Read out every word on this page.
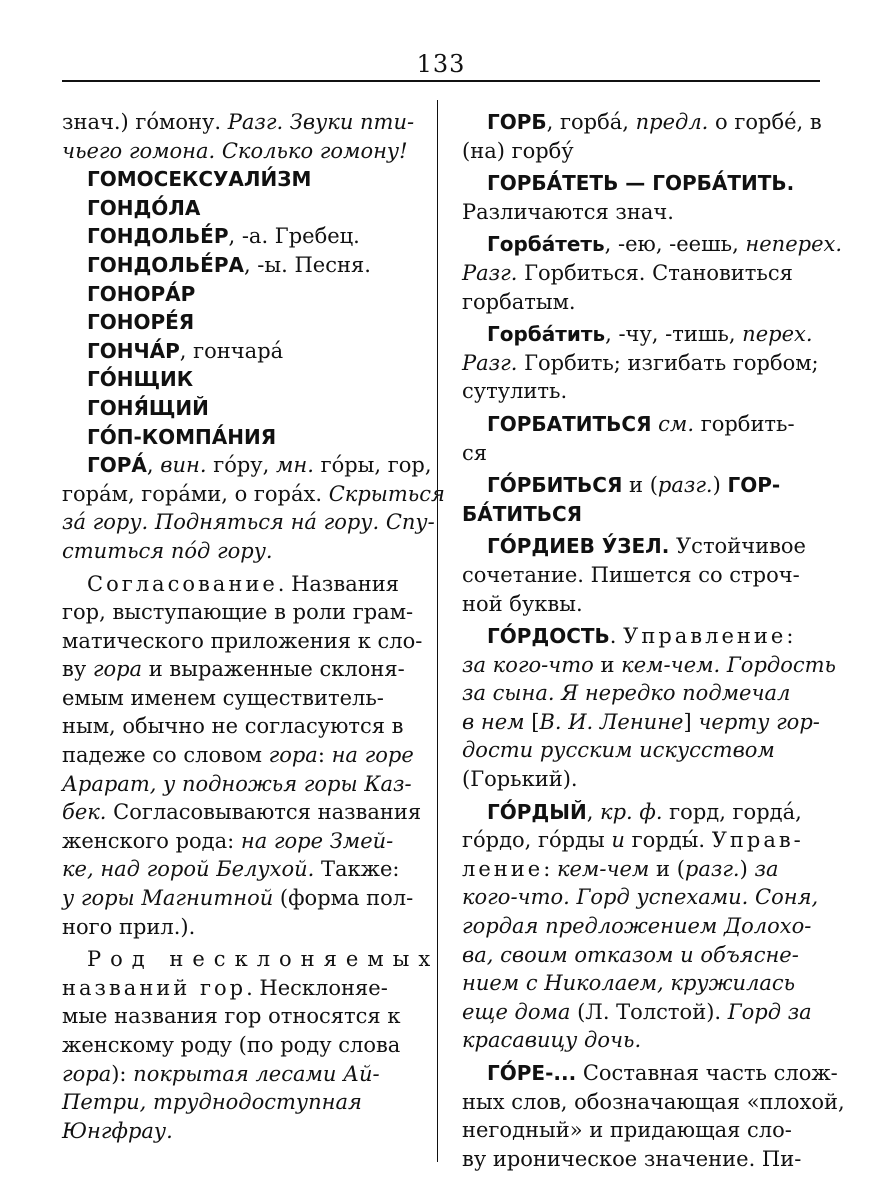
133
знач.) го́мону. Разг. Звуки пти-
чьего гомона. Сколько гомону!
ГОМОСЕКСУАЛИ́ЗМ
ГОНДО́ЛА
ГОНДОЛЬЕ́Р, -а. Гребец.
ГОНДОЛЬЕ́РА, -ы. Песня.
ГОНОРА́Р
ГОНОРЕ́Я
ГОНЧА́Р, гончара́
ГО́НЩИК
ГОНЯ́ЩИЙ
ГО́П-КОМПА́НИЯ
ГОРА́, вин. го́ру, мн. го́ры, гор,
гора́м, гора́ми, о гора́х. Скрыться
за́ гору. Подняться на́ гору. Спу-
ститься по́д гору.
Согласование. Названия
гор, выступающие в роли грам-
матического приложения к сло-
ву гора и выраженные склоня-
емым именем существитель-
ным, обычно не согласуются в
падеже со словом гора: на горе
Арарат, у подножья горы Каз-
бек. Согласовываются названия
женского рода: на горе Змей-
ке, над горой Белухой. Также:
у горы Магнитной (форма пол-
ного прил.).
Род несклоняемых
названий гор. Несклоняе-
мые названия гор относятся к
женскому роду (по роду слова
гора): покрытая лесами Ай-
Петри, труднодоступная
Юнгфрау.
ГОРБ, горба́, предл. о горбе́, в
(на) горбу́
ГОРБА́ТЕТЬ — ГОРБА́ТИТЬ.
Различаются знач.
Горба́теть, -ею, -еешь, неперех.
Разг. Горбиться. Становиться
горбатым.
Горба́тить, -чу, -тишь, перех.
Разг. Горбить; изгибать горбом;
сутулить.
ГОРБАТИТЬСЯ см. горбить-
ся
ГО́РБИТЬСЯ и (разг.) ГОР-
БА́ТИТЬСЯ
ГО́РДИЕВ У́ЗЕЛ. Устойчивое
сочетание. Пишется со строч-
ной буквы.
ГО́РДОСТЬ. Управление:
за кого-что и кем-чем. Гордость
за сына. Я нередко подмечал
в нем [В. И. Ленине] черту гор-
дости русским искусством
(Горький).
ГО́РДЫЙ, кр. ф. горд, горда́,
го́рдо, го́рды и горды́. Управ-
ление: кем-чем и (разг.) за
кого-что. Горд успехами. Соня,
гордая предложением Долохо-
ва, своим отказом и объясне-
нием с Николаем, кружилась
еще дома (Л. Толстой). Горд за
красавицу дочь.
ГО́РЕ-... Составная часть слож-
ных слов, обозначающая «плохой,
негодный» и придающая сло-
ву ироническое значение. Пи-
